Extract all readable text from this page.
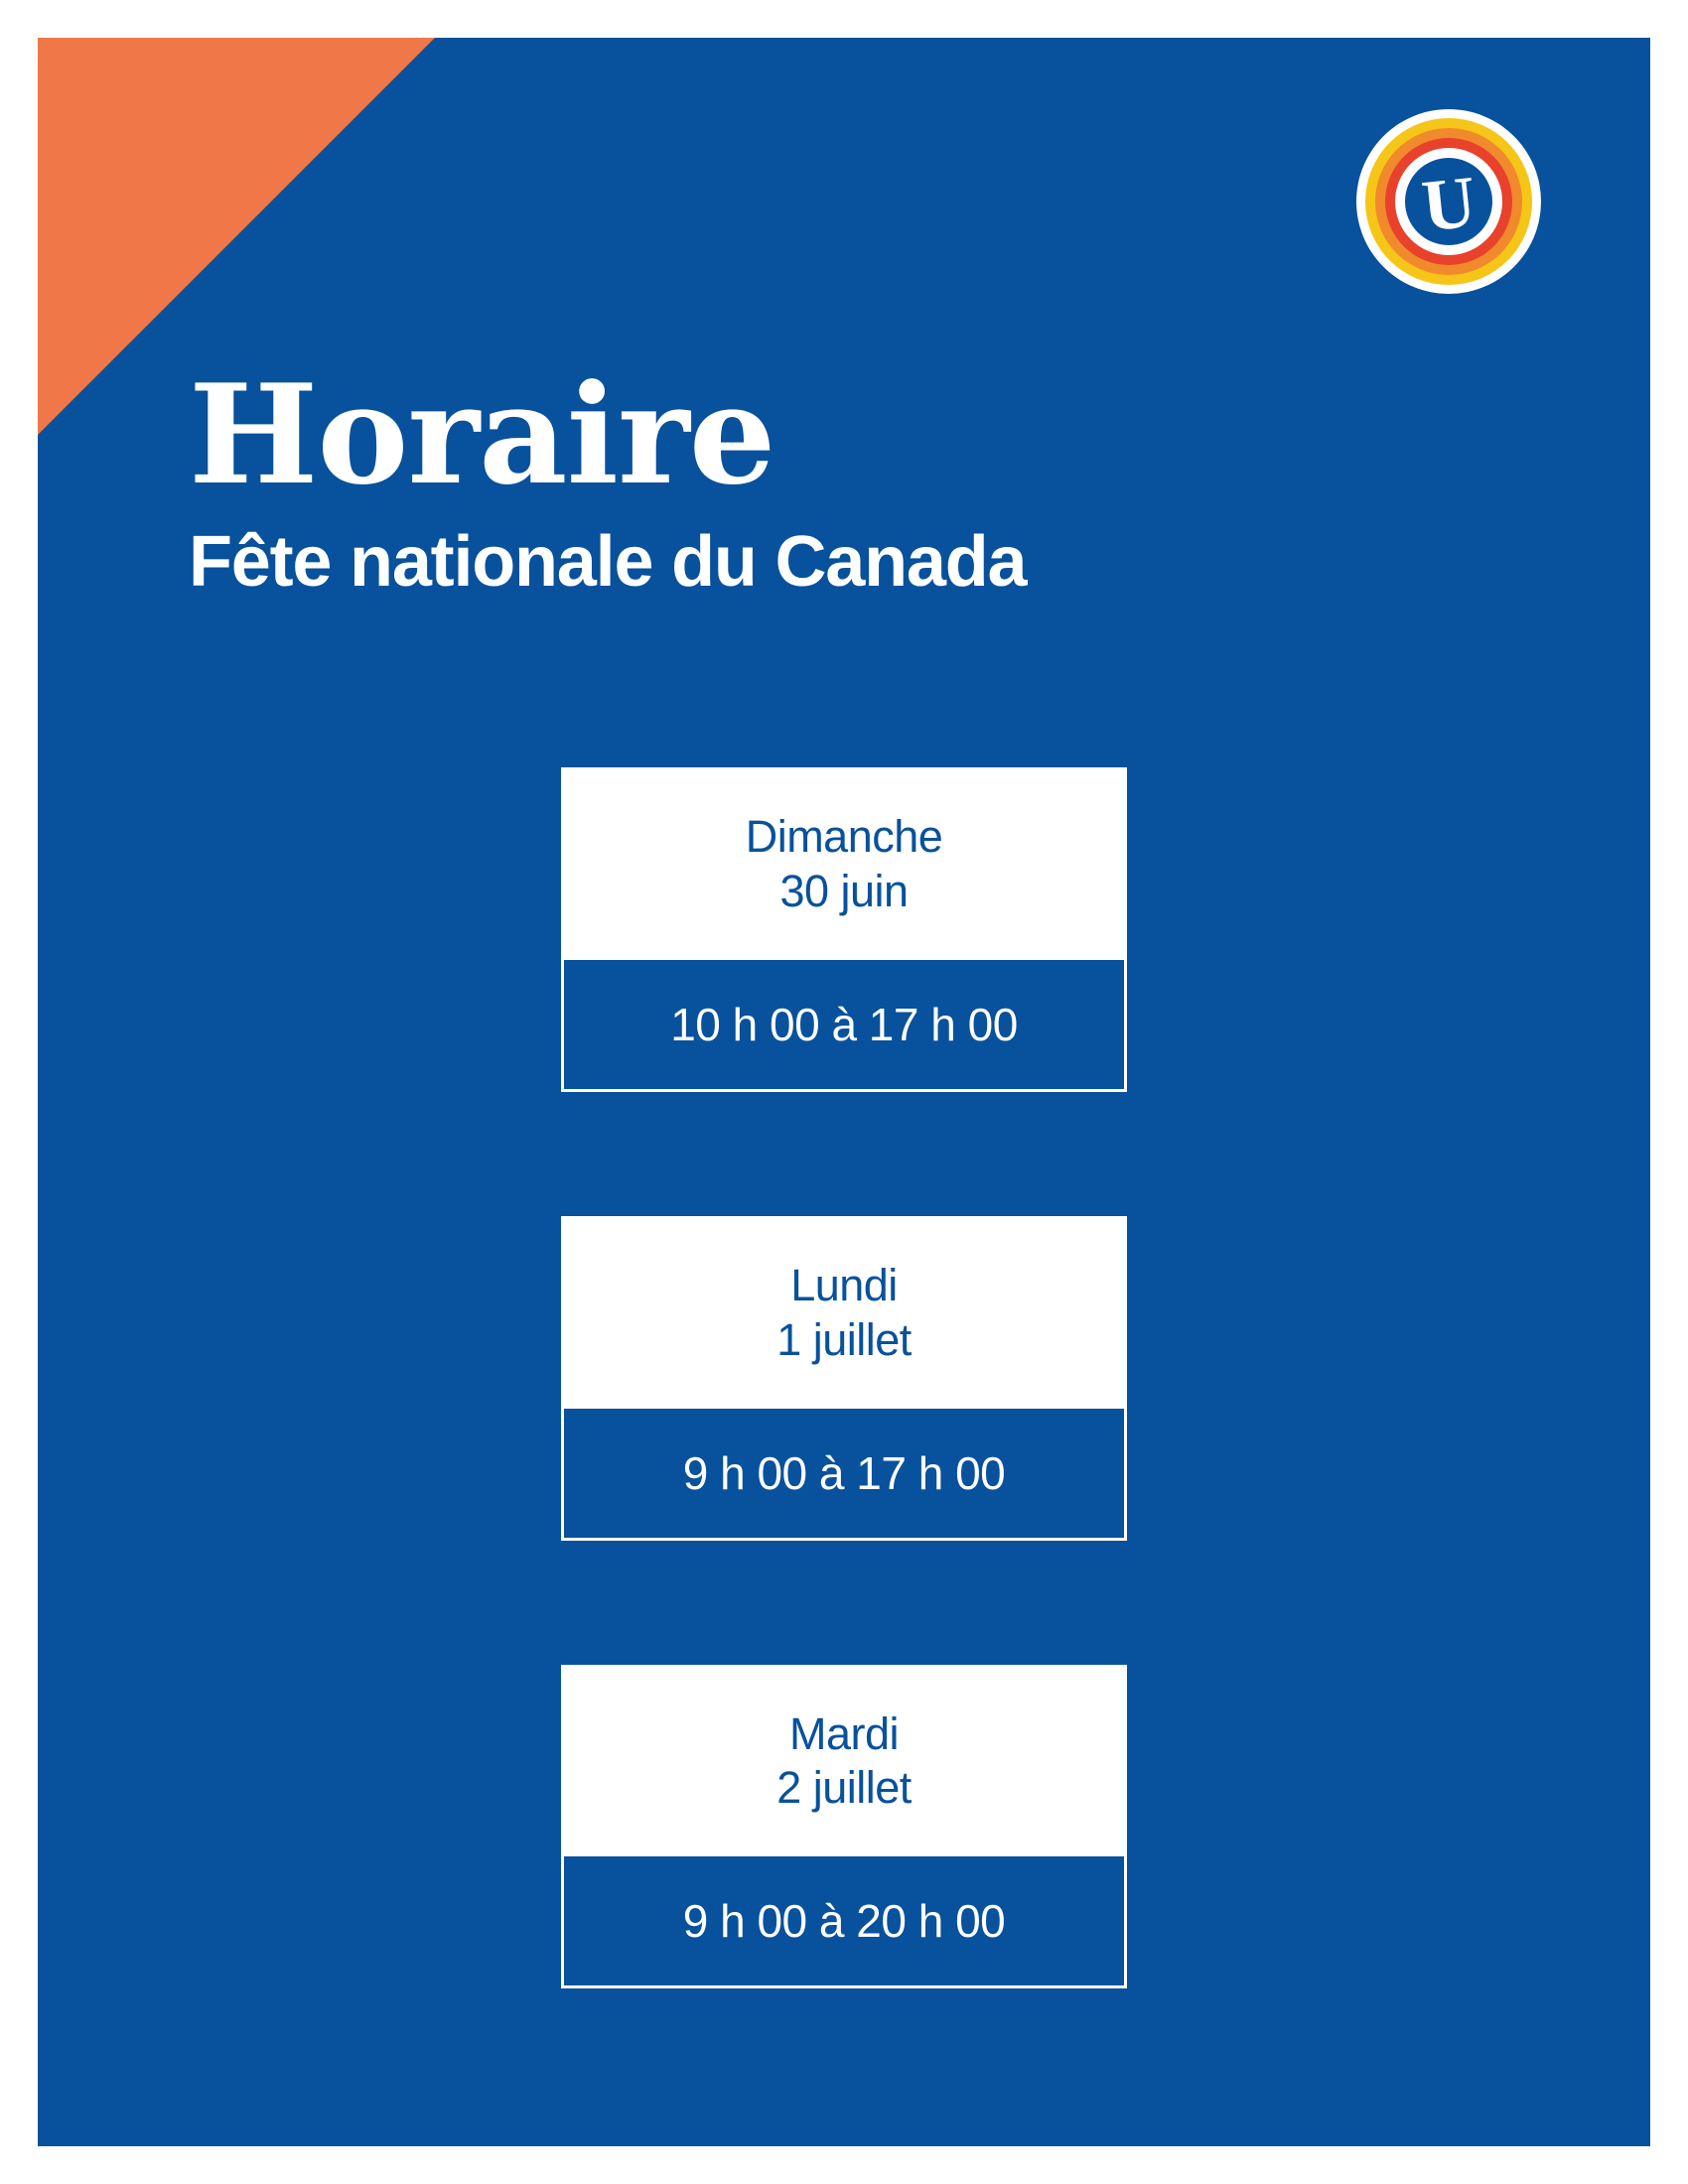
U
Horaire
Fête nationale du Canada
Dimanche
30 juin
10 h 00 à 17 h 00
Lundi
1 juillet
9 h 00 à 17 h 00
Mardi
2 juillet
9 h 00 à 20 h 00
